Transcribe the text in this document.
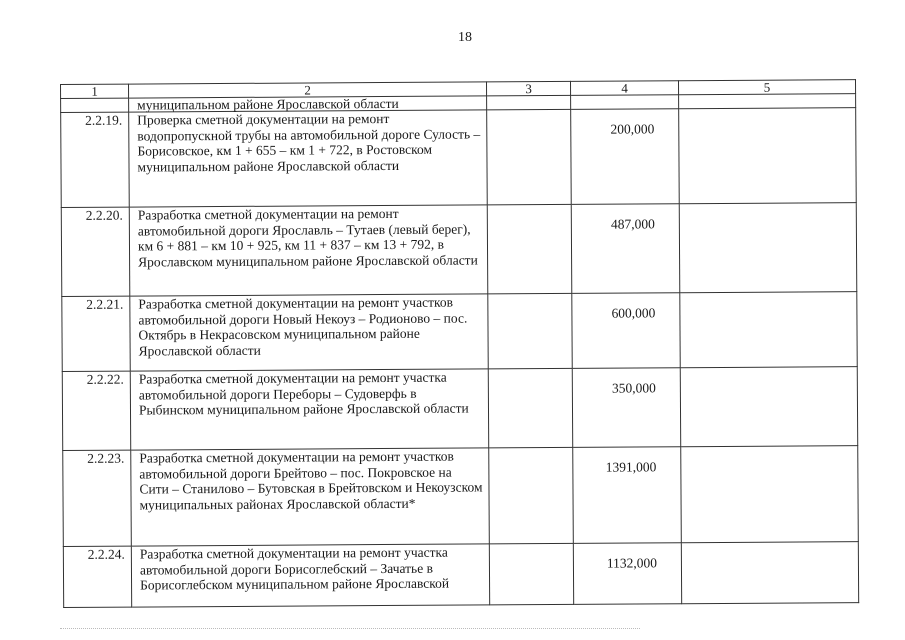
18
1	2	3	4	5
	муниципальном районе Ярославской области			
2.2.19.	Проверка сметной документации на ремонт водопропускной трубы на автомобильной дороге Сулость – Борисовское, км 1 + 655 – км 1 + 722, в Ростовском муниципальном районе Ярославской области		200,000	
2.2.20.	Разработка сметной документации на ремонт автомобильной дороги Ярославль – Тутаев (левый берег), км 6 + 881 – км 10 + 925, км 11 + 837 – км 13 + 792, в Ярославском муниципальном районе Ярославской области		487,000	
2.2.21.	Разработка сметной документации на ремонт участков автомобильной дороги Новый Некоуз – Родионово – пос. Октябрь в Некрасовском муниципальном районе Ярославской области		600,000	
2.2.22.	Разработка сметной документации на ремонт участка автомобильной дороги Переборы – Судоверфь в Рыбинском муниципальном районе Ярославской области		350,000	
2.2.23.	Разработка сметной документации на ремонт участков автомобильной дороги Брейтово – пос. Покровское на Сити – Станилово – Бутовская в Брейтовском и Некоузском муниципальных районах Ярославской области*		1391,000	
2.2.24.	Разработка сметной документации на ремонт участка автомобильной дороги Борисоглебский – Зачатье в Борисоглебском муниципальном районе Ярославской		1132,000	
